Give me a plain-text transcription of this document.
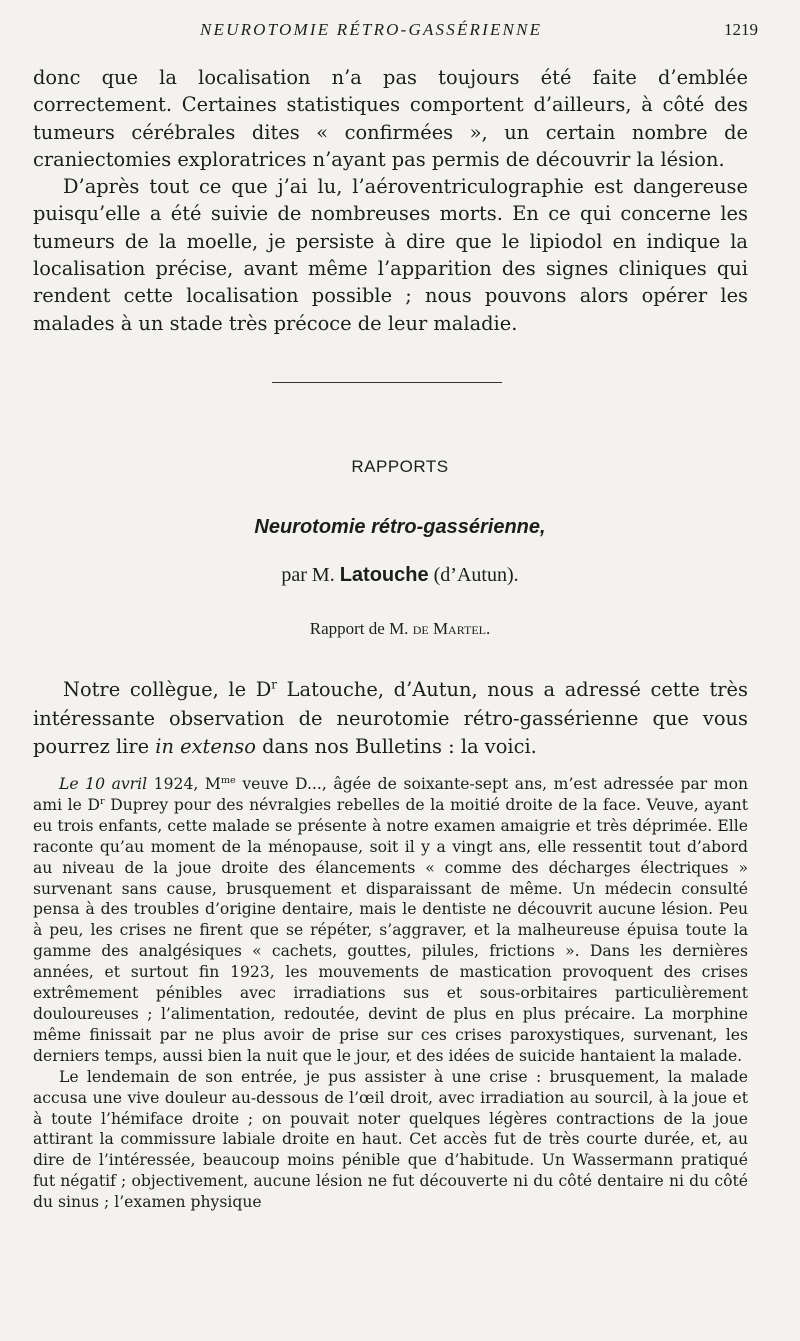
NEUROTOMIE RÉTRO-GASSÉRIENNE	1219

donc que la localisation n’a pas toujours été faite d’emblée correctement. Certaines statistiques comportent d’ailleurs, à côté des tumeurs cérébrales dites « confirmées », un certain nombre de craniectomies exploratrices n’ayant pas permis de découvrir la lésion.

D’après tout ce que j’ai lu, l’aéroventriculographie est dangereuse puisqu’elle a été suivie de nombreuses morts. En ce qui concerne les tumeurs de la moelle, je persiste à dire que le lipiodol en indique la localisation précise, avant même l’apparition des signes cliniques qui rendent cette localisation possible ; nous pouvons alors opérer les malades à un stade très précoce de leur maladie.

RAPPORTS
Neurotomie rétro-gassérienne,
par M. Latouche (d’Autun).
Rapport de M. de Martel.

Notre collègue, le $D^r$ Latouche, d’Autun, nous a adressé cette très intéressante observation de neurotomie rétro-gassérienne que vous pourrez lire in extenso dans nos Bulletins : la voici.

Le 10 avril 1924, $M^{me}$ veuve D..., âgée de soixante-sept ans, m’est adressée par mon ami le $D^r$ Duprey pour des névralgies rebelles de la moitié droite de la face. Veuve, ayant eu trois enfants, cette malade se présente à notre examen amaigrie et très déprimée. Elle raconte qu’au moment de la ménopause, soit il y a vingt ans, elle ressentit tout d’abord au niveau de la joue droite des élancements « comme des décharges électriques » survenant sans cause, brusquement et disparaissant de même. Un médecin consulté pensa à des troubles d’origine dentaire, mais le dentiste ne découvrit aucune lésion. Peu à peu, les crises ne firent que se répéter, s’aggraver, et la malheureuse épuisa toute la gamme des analgésiques « cachets, gouttes, pilules, frictions ». Dans les dernières années, et surtout fin 1923, les mouvements de mastication provoquent des crises extrêmement pénibles avec irradiations sus et sous-orbitaires particulièrement douloureuses ; l’alimentation, redoutée, devint de plus en plus précaire. La morphine même finissait par ne plus avoir de prise sur ces crises paroxystiques, survenant, les derniers temps, aussi bien la nuit que le jour, et des idées de suicide hantaient la malade.

Le lendemain de son entrée, je pus assister à une crise : brusquement, la malade accusa une vive douleur au-dessous de l’œil droit, avec irradiation au sourcil, à la joue et à toute l’hémiface droite ; on pouvait noter quelques légères contractions de la joue attirant la commissure labiale droite en haut. Cet accès fut de très courte durée, et, au dire de l’intéressée, beaucoup moins pénible que d’habitude. Un Wassermann pratiqué fut négatif ; objectivement, aucune lésion ne fut découverte ni du côté dentaire ni du côté du sinus ; l’examen physique
